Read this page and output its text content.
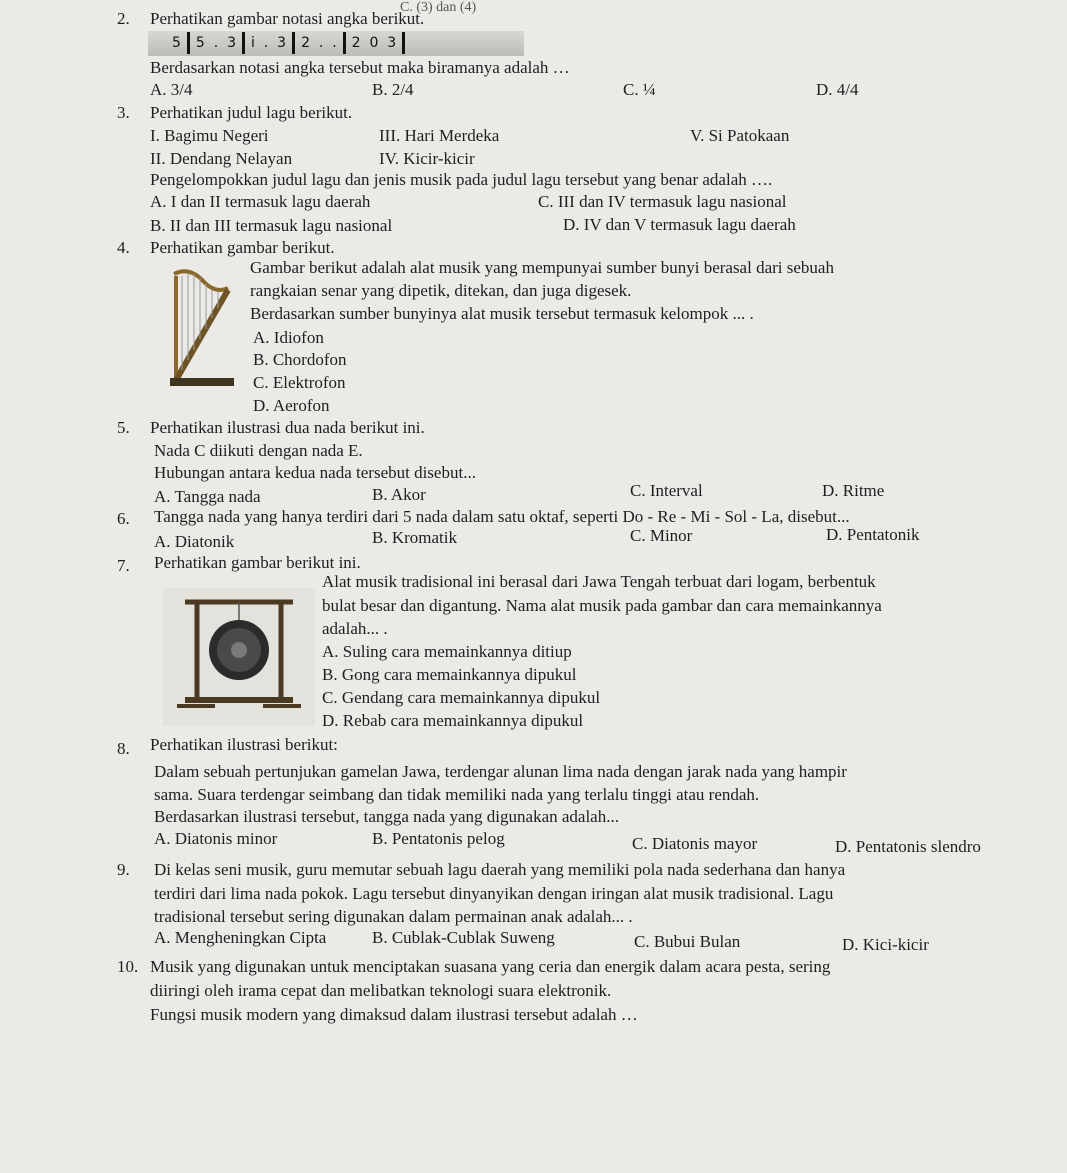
C. (3) dan (4)
2. Perhatikan gambar notasi angka berikut.
5 5  .  3 i  .  3 2  .  . 2  0  3
Berdasarkan notasi angka tersebut maka biramanya adalah …
A. 3/4	B. 2/4	C. ¼	D. 4/4
3. Perhatikan judul lagu berikut.
I. Bagimu Negeri	III. Hari Merdeka	V. Si Patokaan
II. Dendang Nelayan	IV. Kicir-kicir
Pengelompokkan judul lagu dan jenis musik pada judul lagu tersebut yang benar adalah ….
A. I dan II termasuk lagu daerah	C. III dan IV termasuk lagu nasional
B. II dan III termasuk lagu nasional	D. IV dan V termasuk lagu daerah
4. Perhatikan gambar berikut.
Gambar berikut adalah alat musik yang mempunyai sumber bunyi berasal dari sebuah
rangkaian senar yang dipetik, ditekan, dan juga digesek.
Berdasarkan sumber bunyinya alat musik tersebut termasuk kelompok ... .
A. Idiofon
B. Chordofon
C. Elektrofon
D. Aerofon
5. Perhatikan ilustrasi dua nada berikut ini.
Nada C diikuti dengan nada E.
Hubungan antara kedua nada tersebut disebut...
A. Tangga nada	B. Akor	C. Interval	D. Ritme
6. Tangga nada yang hanya terdiri dari 5 nada dalam satu oktaf, seperti Do - Re - Mi - Sol - La, disebut...
A. Diatonik	B. Kromatik	C. Minor	D. Pentatonik
7. Perhatikan gambar berikut ini.
Alat musik tradisional ini berasal dari Jawa Tengah terbuat dari logam, berbentuk
bulat besar dan digantung. Nama alat musik pada gambar dan cara memainkannya
adalah... .
A. Suling cara memainkannya ditiup
B. Gong cara memainkannya dipukul
C. Gendang cara memainkannya dipukul
D. Rebab cara memainkannya dipukul
8. Perhatikan ilustrasi berikut:
Dalam sebuah pertunjukan gamelan Jawa, terdengar alunan lima nada dengan jarak nada yang hampir
sama. Suara terdengar seimbang dan tidak memiliki nada yang terlalu tinggi atau rendah.
Berdasarkan ilustrasi tersebut, tangga nada yang digunakan adalah...
A. Diatonis minor	B. Pentatonis pelog	C. Diatonis mayor	D. Pentatonis slendro
9. Di kelas seni musik, guru memutar sebuah lagu daerah yang memiliki pola nada sederhana dan hanya
terdiri dari lima nada pokok. Lagu tersebut dinyanyikan dengan iringan alat musik tradisional. Lagu
tradisional tersebut sering digunakan dalam permainan anak adalah... .
A. Mengheningkan Cipta	B. Cublak-Cublak Suweng	C. Bubui Bulan	D. Kici-kicir
10. Musik yang digunakan untuk menciptakan suasana yang ceria dan energik dalam acara pesta, sering
diiringi oleh irama cepat dan melibatkan teknologi suara elektronik.
Fungsi musik modern yang dimaksud dalam ilustrasi tersebut adalah …
